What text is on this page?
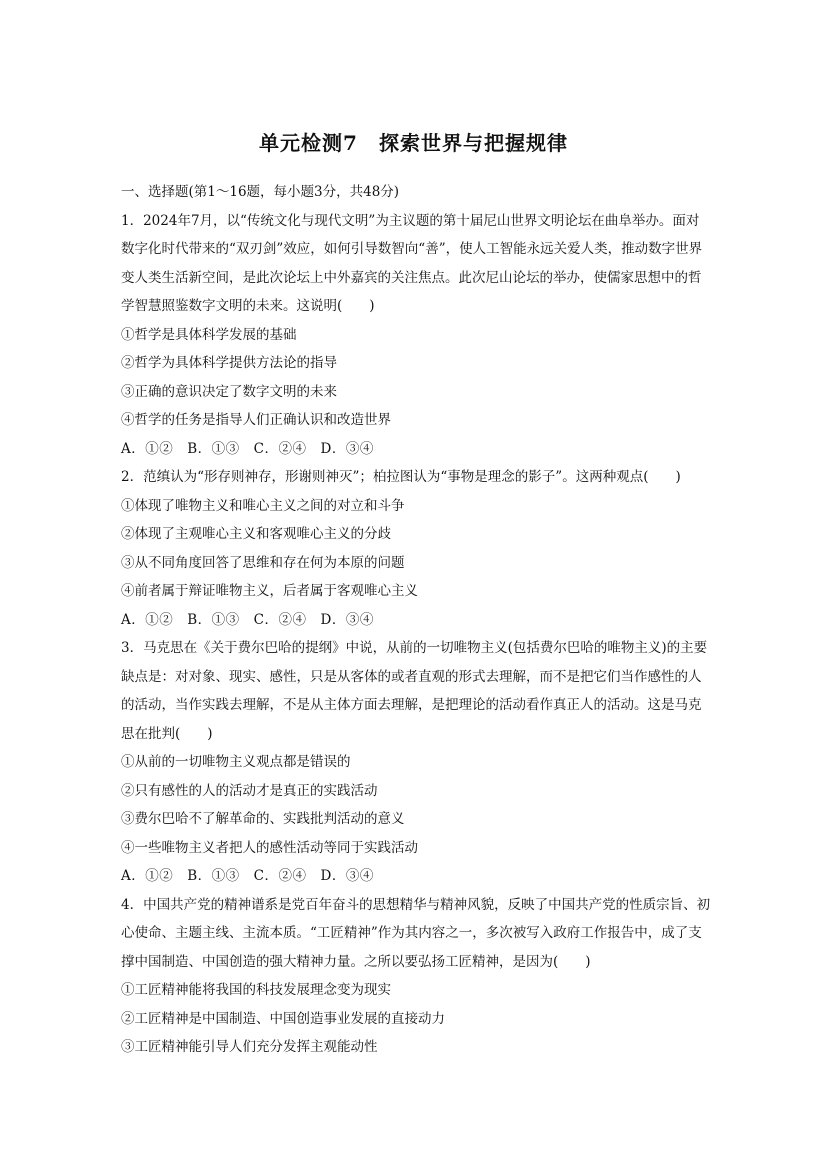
单元检测7　探索世界与把握规律

一、选择题(第1～16题，每小题3分，共48分)

1．2024年7月，以“传统文化与现代文明”为主议题的第十届尼山世界文明论坛在曲阜举办。面对数字化时代带来的“双刃剑”效应，如何引导数智向“善”，使人工智能永远关爱人类，推动数字世界变人类生活新空间，是此次论坛上中外嘉宾的关注焦点。此次尼山论坛的举办，使儒家思想中的哲学智慧照鉴数字文明的未来。这说明(　　)

①哲学是具体科学发展的基础

②哲学为具体科学提供方法论的指导

③正确的意识决定了数字文明的未来

④哲学的任务是指导人们正确认识和改造世界

A．①②　B．①③　C．②④　D．③④

2．范缜认为“形存则神存，形谢则神灭”；柏拉图认为“事物是理念的影子”。这两种观点(　　)

①体现了唯物主义和唯心主义之间的对立和斗争

②体现了主观唯心主义和客观唯心主义的分歧

③从不同角度回答了思维和存在何为本原的问题

④前者属于辩证唯物主义，后者属于客观唯心主义

A．①②　B．①③　C．②④　D．③④

3．马克思在《关于费尔巴哈的提纲》中说，从前的一切唯物主义(包括费尔巴哈的唯物主义)的主要缺点是：对对象、现实、感性，只是从客体的或者直观的形式去理解，而不是把它们当作感性的人的活动，当作实践去理解，不是从主体方面去理解，是把理论的活动看作真正人的活动。这是马克思在批判(　　)

①从前的一切唯物主义观点都是错误的

②只有感性的人的活动才是真正的实践活动

③费尔巴哈不了解革命的、实践批判活动的意义

④一些唯物主义者把人的感性活动等同于实践活动

A．①②　B．①③　C．②④　D．③④

4．中国共产党的精神谱系是党百年奋斗的思想精华与精神风貌，反映了中国共产党的性质宗旨、初心使命、主题主线、主流本质。“工匠精神”作为其内容之一，多次被写入政府工作报告中，成了支撑中国制造、中国创造的强大精神力量。之所以要弘扬工匠精神，是因为(　　)

①工匠精神能将我国的科技发展理念变为现实

②工匠精神是中国制造、中国创造事业发展的直接动力

③工匠精神能引导人们充分发挥主观能动性
